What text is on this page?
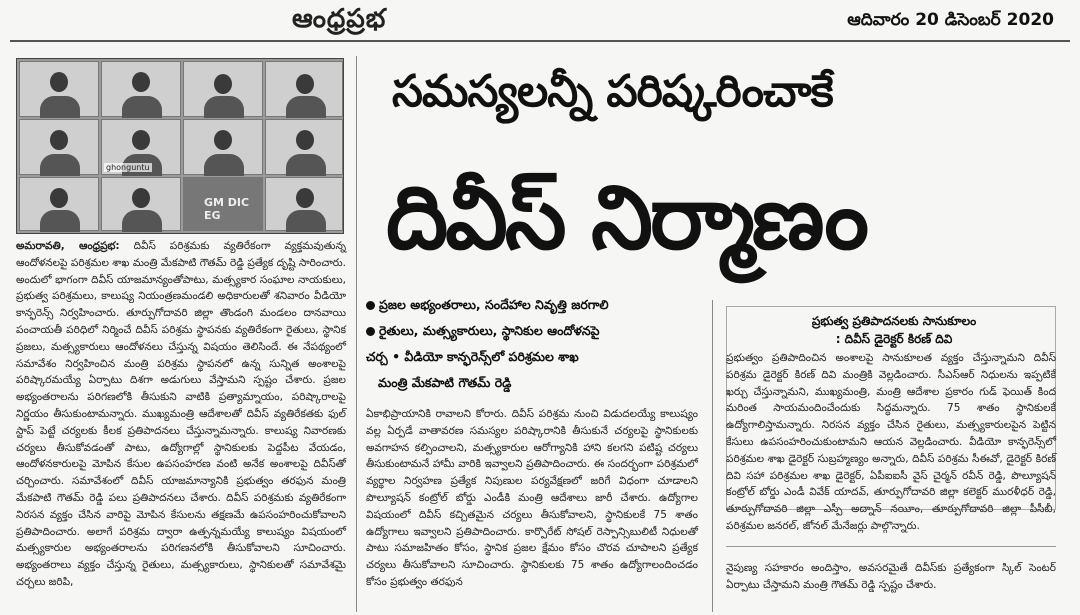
ఆంధ్రప్రభ	ఆదివారం 20 డిసెంబర్ 2020
ghonguntu
GM DIC EG
సమస్యలన్నీ పరిష్కరించాకే
దివీస్ నిర్మాణం
ప్రజల అభ్యంతరాలు, సందేహాల నివృత్తి జరగాలి
రైతులు, మత్స్యకారులు, స్థానికుల ఆందోళనపై
చర్చ • వీడియో కాన్ఫరెన్స్‌లో పరిశ్రమల శాఖ
మంత్రి మేకపాటి గౌతమ్ రెడ్డి
అమరావతి, ఆంధ్రప్రభ: దివీస్ పరిశ్రమకు వ్యతిరేకంగా వ్యక్తమవుతున్న ఆందోళనలపై పరిశ్రమల శాఖ మంత్రి మేకపాటి గౌతమ్ రెడ్డి ప్రత్యేక దృష్టి సారించారు. అందులో భాగంగా దివీస్ యాజమాన్యంతోపాటు, మత్స్యకార సంఘాల నాయకులు, ప్రభుత్వ పరిశ్రమలు, కాలుష్య నియంత్రణమండలి అధికారులతో శనివారం వీడియో కాన్ఫరెన్స్ నిర్వహించారు. తూర్పుగోదావరి జిల్లా తొండంగి మండలం దానవాయి పంచాయతీ పరిధిలో నిర్మించే దివీస్ పరిశ్రమ స్థాపనకు వ్యతిరేకంగా రైతులు, స్థానిక ప్రజలు, మత్స్యకారులు ఆందోళనలు చేస్తున్న విషయం తెలిసిందే. ఈ నేపథ్యంలో సమావేశం నిర్వహించిన మంత్రి పరిశ్రమ స్థాపనలో ఉన్న సున్నిత అంశాలపై పరిష్కారమయ్యే ఏర్పాటు దిశగా అడుగులు వేస్తామని స్పష్టం చేశారు. ప్రజల అభ్యంతరాలను పరిగణలోకి తీసుకుని వాటికి ప్రత్యామ్నాయం, పరిష్కారాలపై నిర్ణయం తీసుకుంటామన్నారు. ముఖ్యమంత్రి ఆదేశాలతో దివీస్ వ్యతిరేకతకు ఫుల్ స్టాప్ పెట్టే చర్యలకు కీలక ప్రతిపాదనలు చేస్తున్నామన్నారు. కాలుష్య నివారణకు చర్యలు తీసుకోవడంతో పాటు, ఉద్యోగాల్లో స్థానికులకు పెద్దపీట వేయడం, ఆందోళనకారులపై మోపిన కేసుల ఉపసంహరణ వంటి అనేక అంశాలపై దివీస్‌తో చర్చించారు. సమావేశంలో దివీస్ యాజమాన్యానికి ప్రభుత్వం తరఫున మంత్రి మేకపాటి గౌతమ్ రెడ్డి పలు ప్రతిపాదనలు చేశారు. దివీస్ పరిశ్రమకు వ్యతిరేకంగా నిరసన వ్యక్తం చేసిన వారిపై మోపిన కేసులను తక్షణమే ఉపసంహరించుకోవాలని ప్రతిపాదించారు. అలాగే పరిశ్రమ ద్వారా ఉత్పన్నమయ్యే కాలుష్యం విషయంలో మత్స్యకారుల అభ్యంతరాలను పరిగణనలోకి తీసుకోవాలని సూచించారు. అభ్యంతరాలు వ్యక్తం చేస్తున్న రైతులు, మత్స్యకారులు, స్థానికులతో సమావేశమై చర్చలు జరిపి,
ఏకాభిప్రాయానికి రావాలని కోరారు. దివీస్ పరిశ్రమ నుంచి విడుదలయ్యే కాలుష్యం వల్ల ఏర్పడే వాతావరణ సమస్యల పరిష్కారానికి తీసుకునే చర్యలపై స్థానికులకు అవగాహన కల్పించాలని, మత్స్యకారుల ఆరోగ్యానికి హాని కలగని పటిష్ట చర్యలు తీసుకుంటామనే హామీ వారికి ఇవ్వాలని ప్రతిపాదించారు. ఈ సందర్భంగా పరిశ్రమలో వ్యర్థాల నిర్వహణ ప్రత్యేక నిపుణుల పర్యవేక్షణలో జరిగే విధంగా చూడాలని పొల్యూషన్ కంట్రోల్ బోర్డు ఎండీకి మంత్రి ఆదేశాలు జారీ చేశారు. ఉద్యోగాల విషయంలో దివీస్ కచ్చితమైన చర్యలు తీసుకోవాలని, స్థానికులకే 75 శాతం ఉద్యోగాలు ఇవ్వాలని ప్రతిపాదించారు. కార్పొరేట్ సోషల్ రెస్పాన్సిబులిటీ నిధులతో పాటు సమాజహితం కోసం, స్థానిక ప్రజల క్షేమం కోసం చొరవ చూపాలని ప్రత్యేక చర్యలు తీసుకోవాలని సూచించారు. స్థానికులకు 75 శాతం ఉద్యోగాలందించడం కోసం ప్రభుత్వం తరఫున
ప్రభుత్వ ప్రతిపాదనలకు సానుకూలం
: దివీస్ డైరెక్టర్ కిరణ్ దివి
ప్రభుత్వం ప్రతిపాదించిన అంశాలపై సానుకూలత వ్యక్తం చేస్తున్నామని దివీస్ పరిశ్రమ డైరెక్టర్ కిరణ్ దివి మంత్రికి వెల్లడించారు. సీఎస్ఆర్ నిధులను ఇప్పటికే ఖర్చు చేస్తున్నామని, ముఖ్యమంత్రి, మంత్రి ఆదేశాల ప్రకారం గుడ్ ఫెయిత్ కింద మరింత సాయమందించేందుకు సిద్ధమన్నారు. 75 శాతం స్థానికులకే ఉద్యోగాలిస్తామన్నారు. నిరసన వ్యక్తం చేసిన రైతులు, మత్స్యకారులపైన పెట్టిన కేసులు ఉపసంహరించుకుంటామని ఆయన వెల్లడించారు. వీడియో కాన్ఫరెన్స్‌లో పరిశ్రమల శాఖ డైరెక్టర్ సుబ్రహ్మణ్యం అన్నారు, దివీస్ పరిశ్రమ సీఈవో, డైరెక్టర్ కిరణ్ దివి సహా పరిశ్రమల శాఖ డైరెక్టర్, ఏపీఐఐసీ వైస్ చైర్మన్ రవీన్ రెడ్డి, పొల్యూషన్ కంట్రోల్ బోర్డు ఎండీ వివేక్ యాదవ్, తూర్పుగోదావరి జిల్లా కలెక్టర్ మురళీధర్ రెడ్డి, తూర్పుగోదావరి జిల్లా ఎస్పీ అద్నాన్ నయీం, తూర్పుగోదావరి జిల్లా పీసీబీ, పరిశ్రమల జనరల్, జోనల్ మేనేజర్లు పాల్గొన్నారు.
నైపుణ్య సహకారం అందిస్తాం, అవసరమైతే దివీస్‌కు ప్రత్యేకంగా స్కిల్ సెంటర్ ఏర్పాటు చేస్తామని మంత్రి గౌతమ్ రెడ్డి స్పష్టం చేశారు.
